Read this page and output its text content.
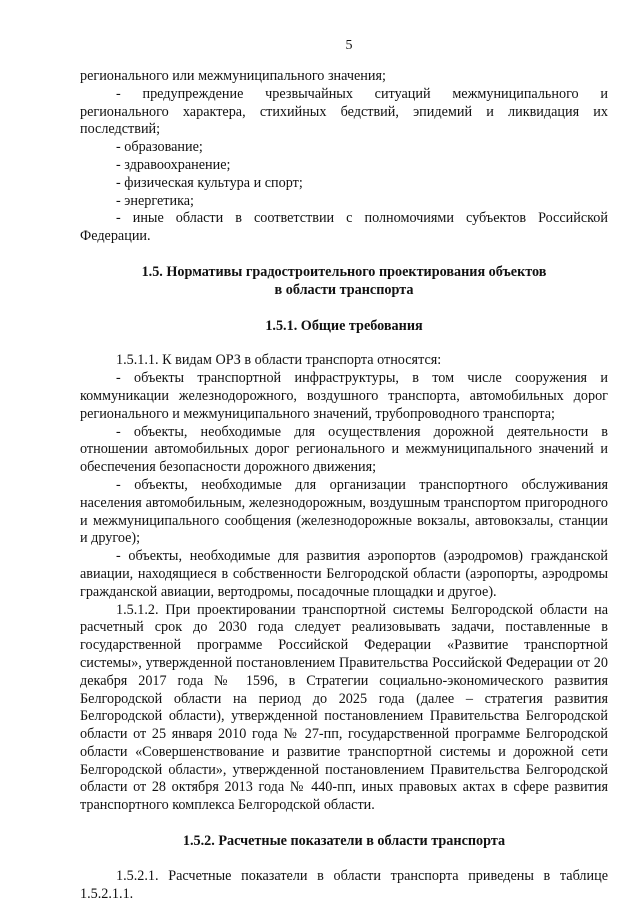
5

регионального или межмуниципального значения;

- предупреждение чрезвычайных ситуаций межмуниципального и регионального характера, стихийных бедствий, эпидемий и ликвидация их последствий;

- образование;

- здравоохранение;

- физическая культура и спорт;

- энергетика;

- иные области в соответствии с полномочиями субъектов Российской Федерации.

1.5. Нормативы градостроительного проектирования объектов
в области транспорта
1.5.1. Общие требования

1.5.1.1. К видам ОРЗ в области транспорта относятся:

- объекты транспортной инфраструктуры, в том числе сооружения и коммуникации железнодорожного, воздушного транспорта, автомобильных дорог регионального и межмуниципального значений, трубопроводного транспорта;

- объекты, необходимые для осуществления дорожной деятельности в отношении автомобильных дорог регионального и межмуниципального значений и обеспечения безопасности дорожного движения;

- объекты, необходимые для организации транспортного обслуживания населения автомобильным, железнодорожным, воздушным транспортом пригородного и межмуниципального сообщения (железнодорожные вокзалы, автовокзалы, станции и другое);

- объекты, необходимые для развития аэропортов (аэродромов) гражданской авиации, находящиеся в собственности Белгородской области (аэропорты, аэродромы гражданской авиации, вертодромы, посадочные площадки и другое).

1.5.1.2. При проектировании транспортной системы Белгородской области на расчетный срок до 2030 года следует реализовывать задачи, поставленные в государственной программе Российской Федерации «Развитие транспортной системы», утвержденной постановлением Правительства Российской Федерации от 20 декабря 2017 года № 1596, в Стратегии социально-экономического развития Белгородской области на период до 2025 года (далее – стратегия развития Белгородской области), утвержденной постановлением Правительства Белгородской области от 25 января 2010 года № 27-пп, государственной программе Белгородской области «Совершенствование и развитие транспортной системы и дорожной сети Белгородской области», утвержденной постановлением Правительства Белгородской области от 28 октября 2013 года № 440-пп, иных правовых актах в сфере развития транспортного комплекса Белгородской области.

1.5.2. Расчетные показатели в области транспорта

1.5.2.1. Расчетные показатели в области транспорта приведены в таблице 1.5.2.1.1.
